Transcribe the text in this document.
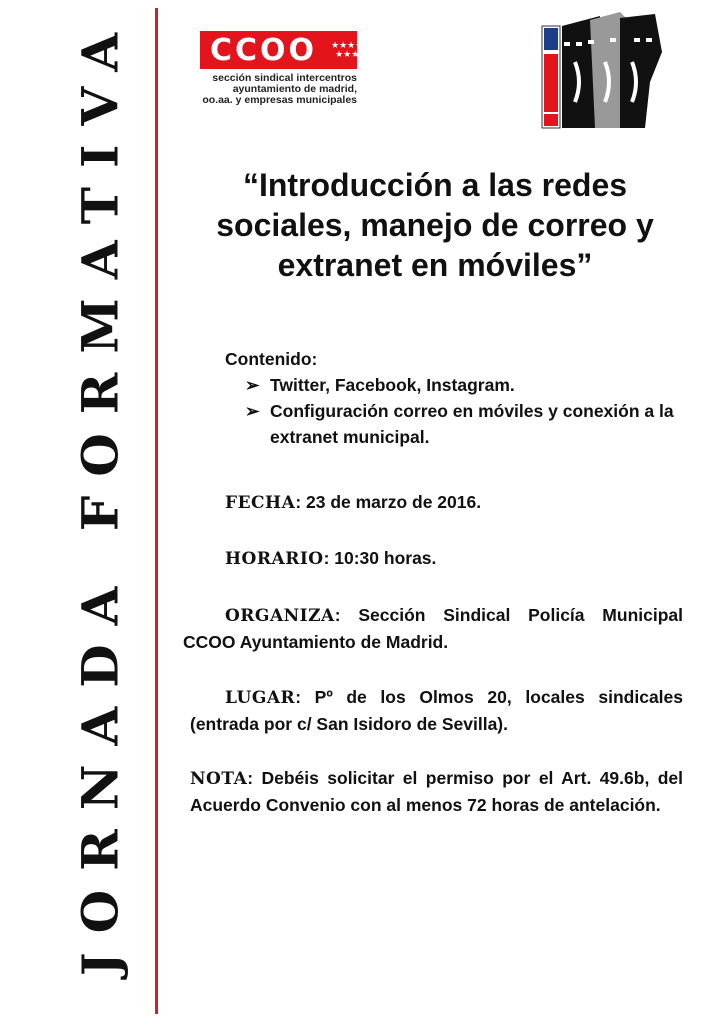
JORNADA FORMATIVA	CCOO ★★★★ ★★★
sección sindical intercentros
ayuntamiento de madrid,
oo.aa. y empresas municipales
“Introducción a las redes sociales, manejo de correo y extranet en móviles”
Contenido:
➢ Twitter, Facebook, Instagram.
➢ Configuración correo en móviles y conexión a la extranet municipal.
FECHA: 23 de marzo de 2016.
HORARIO: 10:30 horas.
ORGANIZA: Sección Sindical Policía Municipal CCOO Ayuntamiento de Madrid.
LUGAR: Pº de los Olmos 20, locales sindicales (entrada por c/ San Isidoro de Sevilla).
NOTA: Debéis solicitar el permiso por el Art. 49.6b, del Acuerdo Convenio con al menos 72 horas de antelación.
